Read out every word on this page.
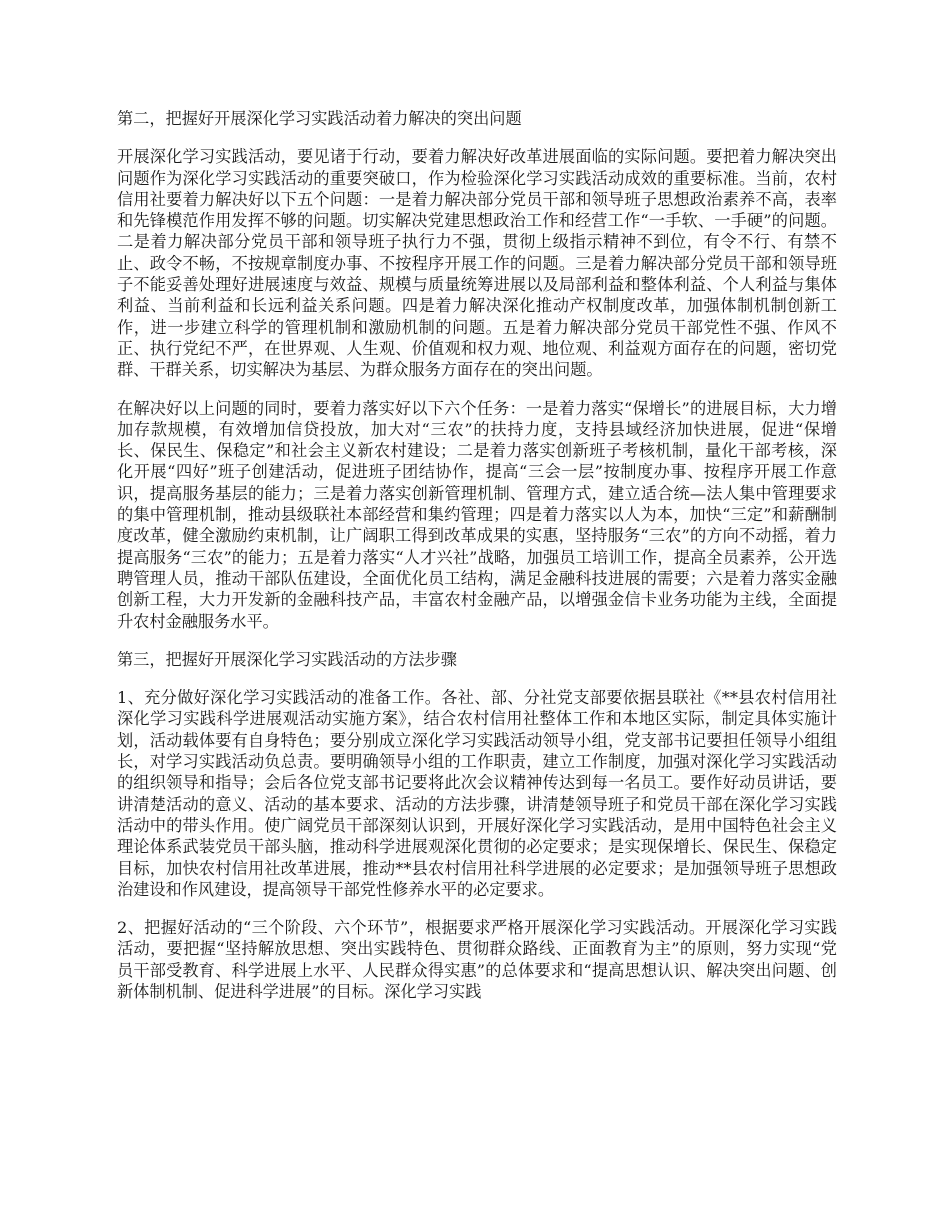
第二，把握好开展深化学习实践活动着力解决的突出问题

开展深化学习实践活动，要见诸于行动，要着力解决好改革进展面临的实际问题。要把着力解决突出问题作为深化学习实践活动的重要突破口，作为检验深化学习实践活动成效的重要标准。当前，农村信用社要着力解决好以下五个问题：一是着力解决部分党员干部和领导班子思想政治素养不高，表率和先锋模范作用发挥不够的问题。切实解决党建思想政治工作和经营工作“一手软、一手硬”的问题。二是着力解决部分党员干部和领导班子执行力不强，贯彻上级指示精神不到位，有令不行、有禁不止、政令不畅，不按规章制度办事、不按程序开展工作的问题。三是着力解决部分党员干部和领导班子不能妥善处理好进展速度与效益、规模与质量统筹进展以及局部利益和整体利益、个人利益与集体利益、当前利益和长远利益关系问题。四是着力解决深化推动产权制度改革，加强体制机制创新工作，进一步建立科学的管理机制和激励机制的问题。五是着力解决部分党员干部党性不强、作风不正、执行党纪不严，在世界观、人生观、价值观和权力观、地位观、利益观方面存在的问题，密切党群、干群关系，切实解决为基层、为群众服务方面存在的突出问题。

在解决好以上问题的同时，要着力落实好以下六个任务：一是着力落实“保增长”的进展目标，大力增加存款规模，有效增加信贷投放，加大对“三农”的扶持力度，支持县域经济加快进展，促进“保增长、保民生、保稳定”和社会主义新农村建设；二是着力落实创新班子考核机制，量化干部考核，深化开展“四好”班子创建活动，促进班子团结协作，提高“三会一层”按制度办事、按程序开展工作意识，提高服务基层的能力；三是着力落实创新管理机制、管理方式，建立适合统—法人集中管理要求的集中管理机制，推动县级联社本部经营和集约管理；四是着力落实以人为本，加快“三定”和薪酬制度改革，健全激励约束机制，让广阔职工得到改革成果的实惠，坚持服务“三农”的方向不动摇，着力提高服务“三农”的能力；五是着力落实“人才兴社”战略，加强员工培训工作，提高全员素养，公开选聘管理人员，推动干部队伍建设，全面优化员工结构，满足金融科技进展的需要；六是着力落实金融创新工程，大力开发新的金融科技产品，丰富农村金融产品，以增强金信卡业务功能为主线，全面提升农村金融服务水平。

第三，把握好开展深化学习实践活动的方法步骤

1、充分做好深化学习实践活动的准备工作。各社、部、分社党支部要依据县联社《**县农村信用社深化学习实践科学进展观活动实施方案》，结合农村信用社整体工作和本地区实际，制定具体实施计划，活动载体要有自身特色；要分别成立深化学习实践活动领导小组，党支部书记要担任领导小组组长，对学习实践活动负总责。要明确领导小组的工作职责，建立工作制度，加强对深化学习实践活动的组织领导和指导；会后各位党支部书记要将此次会议精神传达到每一名员工。要作好动员讲话，要讲清楚活动的意义、活动的基本要求、活动的方法步骤，讲清楚领导班子和党员干部在深化学习实践活动中的带头作用。使广阔党员干部深刻认识到，开展好深化学习实践活动，是用中国特色社会主义理论体系武装党员干部头脑，推动科学进展观深化贯彻的必定要求；是实现保增长、保民生、保稳定目标，加快农村信用社改革进展，推动**县农村信用社科学进展的必定要求；是加强领导班子思想政治建设和作风建设，提高领导干部党性修养水平的必定要求。

2、把握好活动的“三个阶段、六个环节”，根据要求严格开展深化学习实践活动。开展深化学习实践活动，要把握“坚持解放思想、突出实践特色、贯彻群众路线、正面教育为主”的原则，努力实现“党员干部受教育、科学进展上水平、人民群众得实惠”的总体要求和“提高思想认识、解决突出问题、创新体制机制、促进科学进展”的目标。深化学习实践
